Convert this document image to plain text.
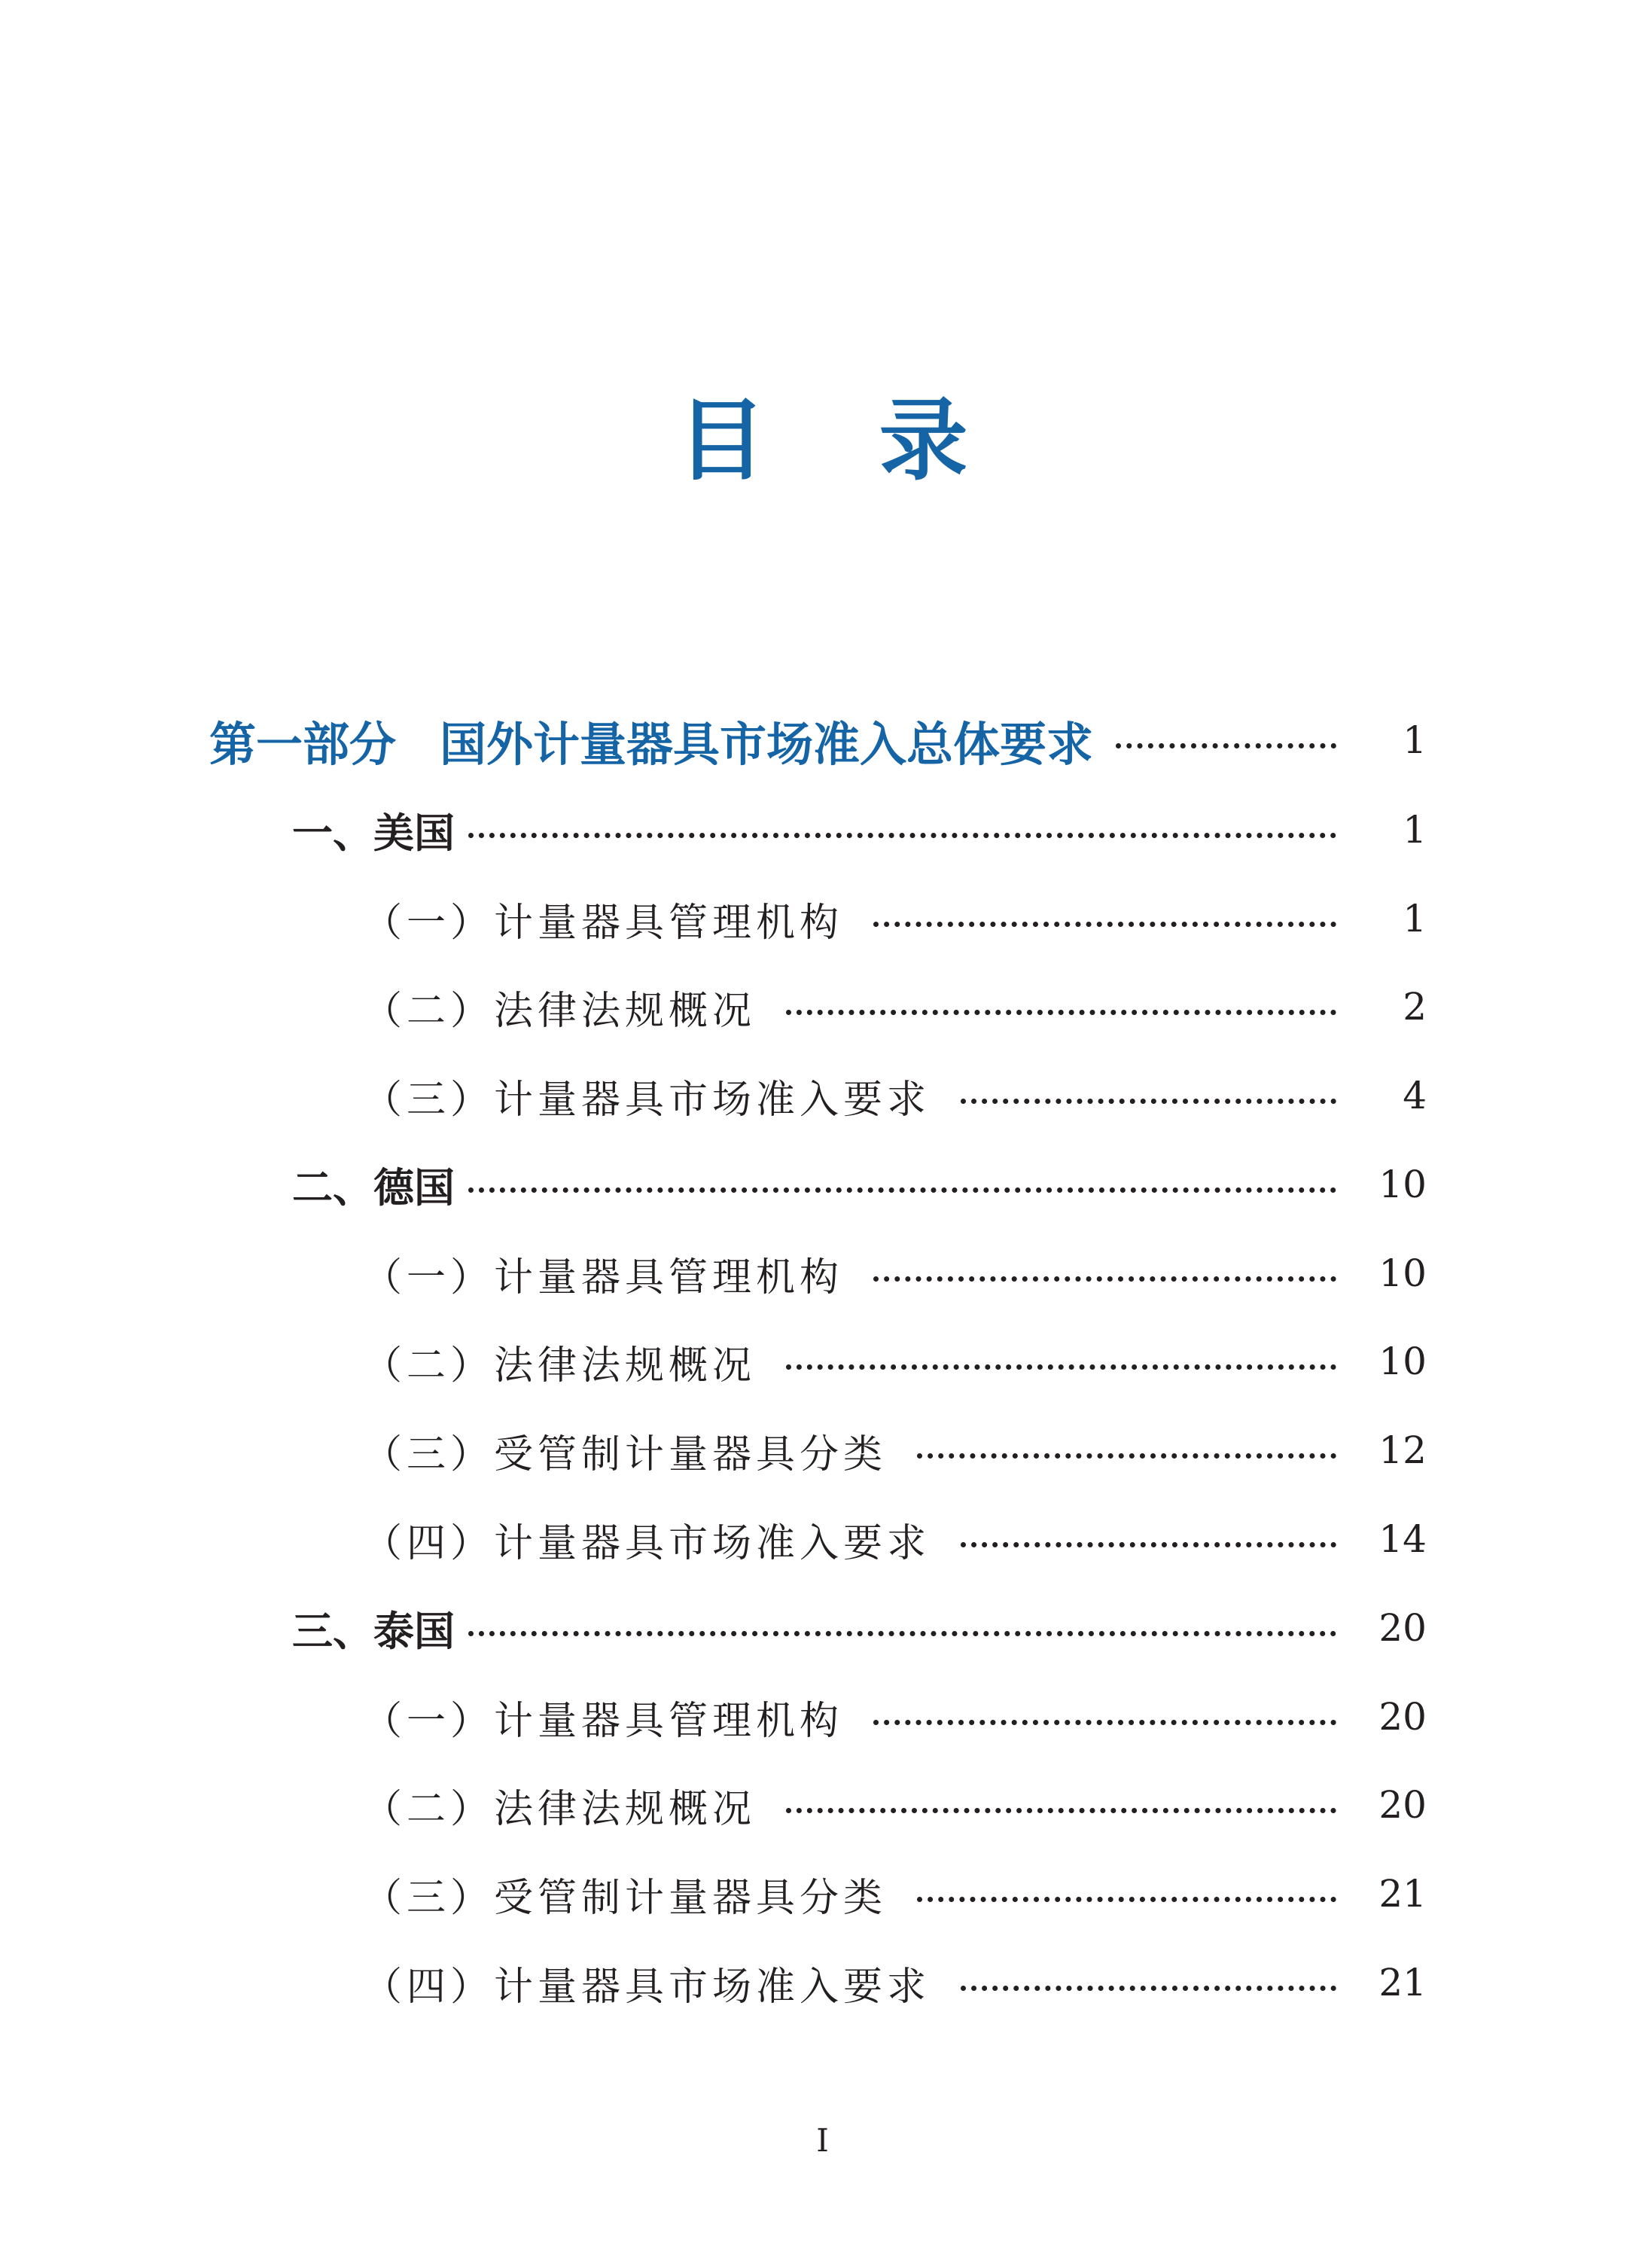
目 录
第一部分 国外计量器具市场准入总体要求	1
一、美国	1
（一）计量器具管理机构	1
（二）法律法规概况	2
（三）计量器具市场准入要求	4
二、德国	10
（一）计量器具管理机构	10
（二）法律法规概况	10
（三）受管制计量器具分类	12
（四）计量器具市场准入要求	14
三、泰国	20
（一）计量器具管理机构	20
（二）法律法规概况	20
（三）受管制计量器具分类	21
（四）计量器具市场准入要求	21
I
